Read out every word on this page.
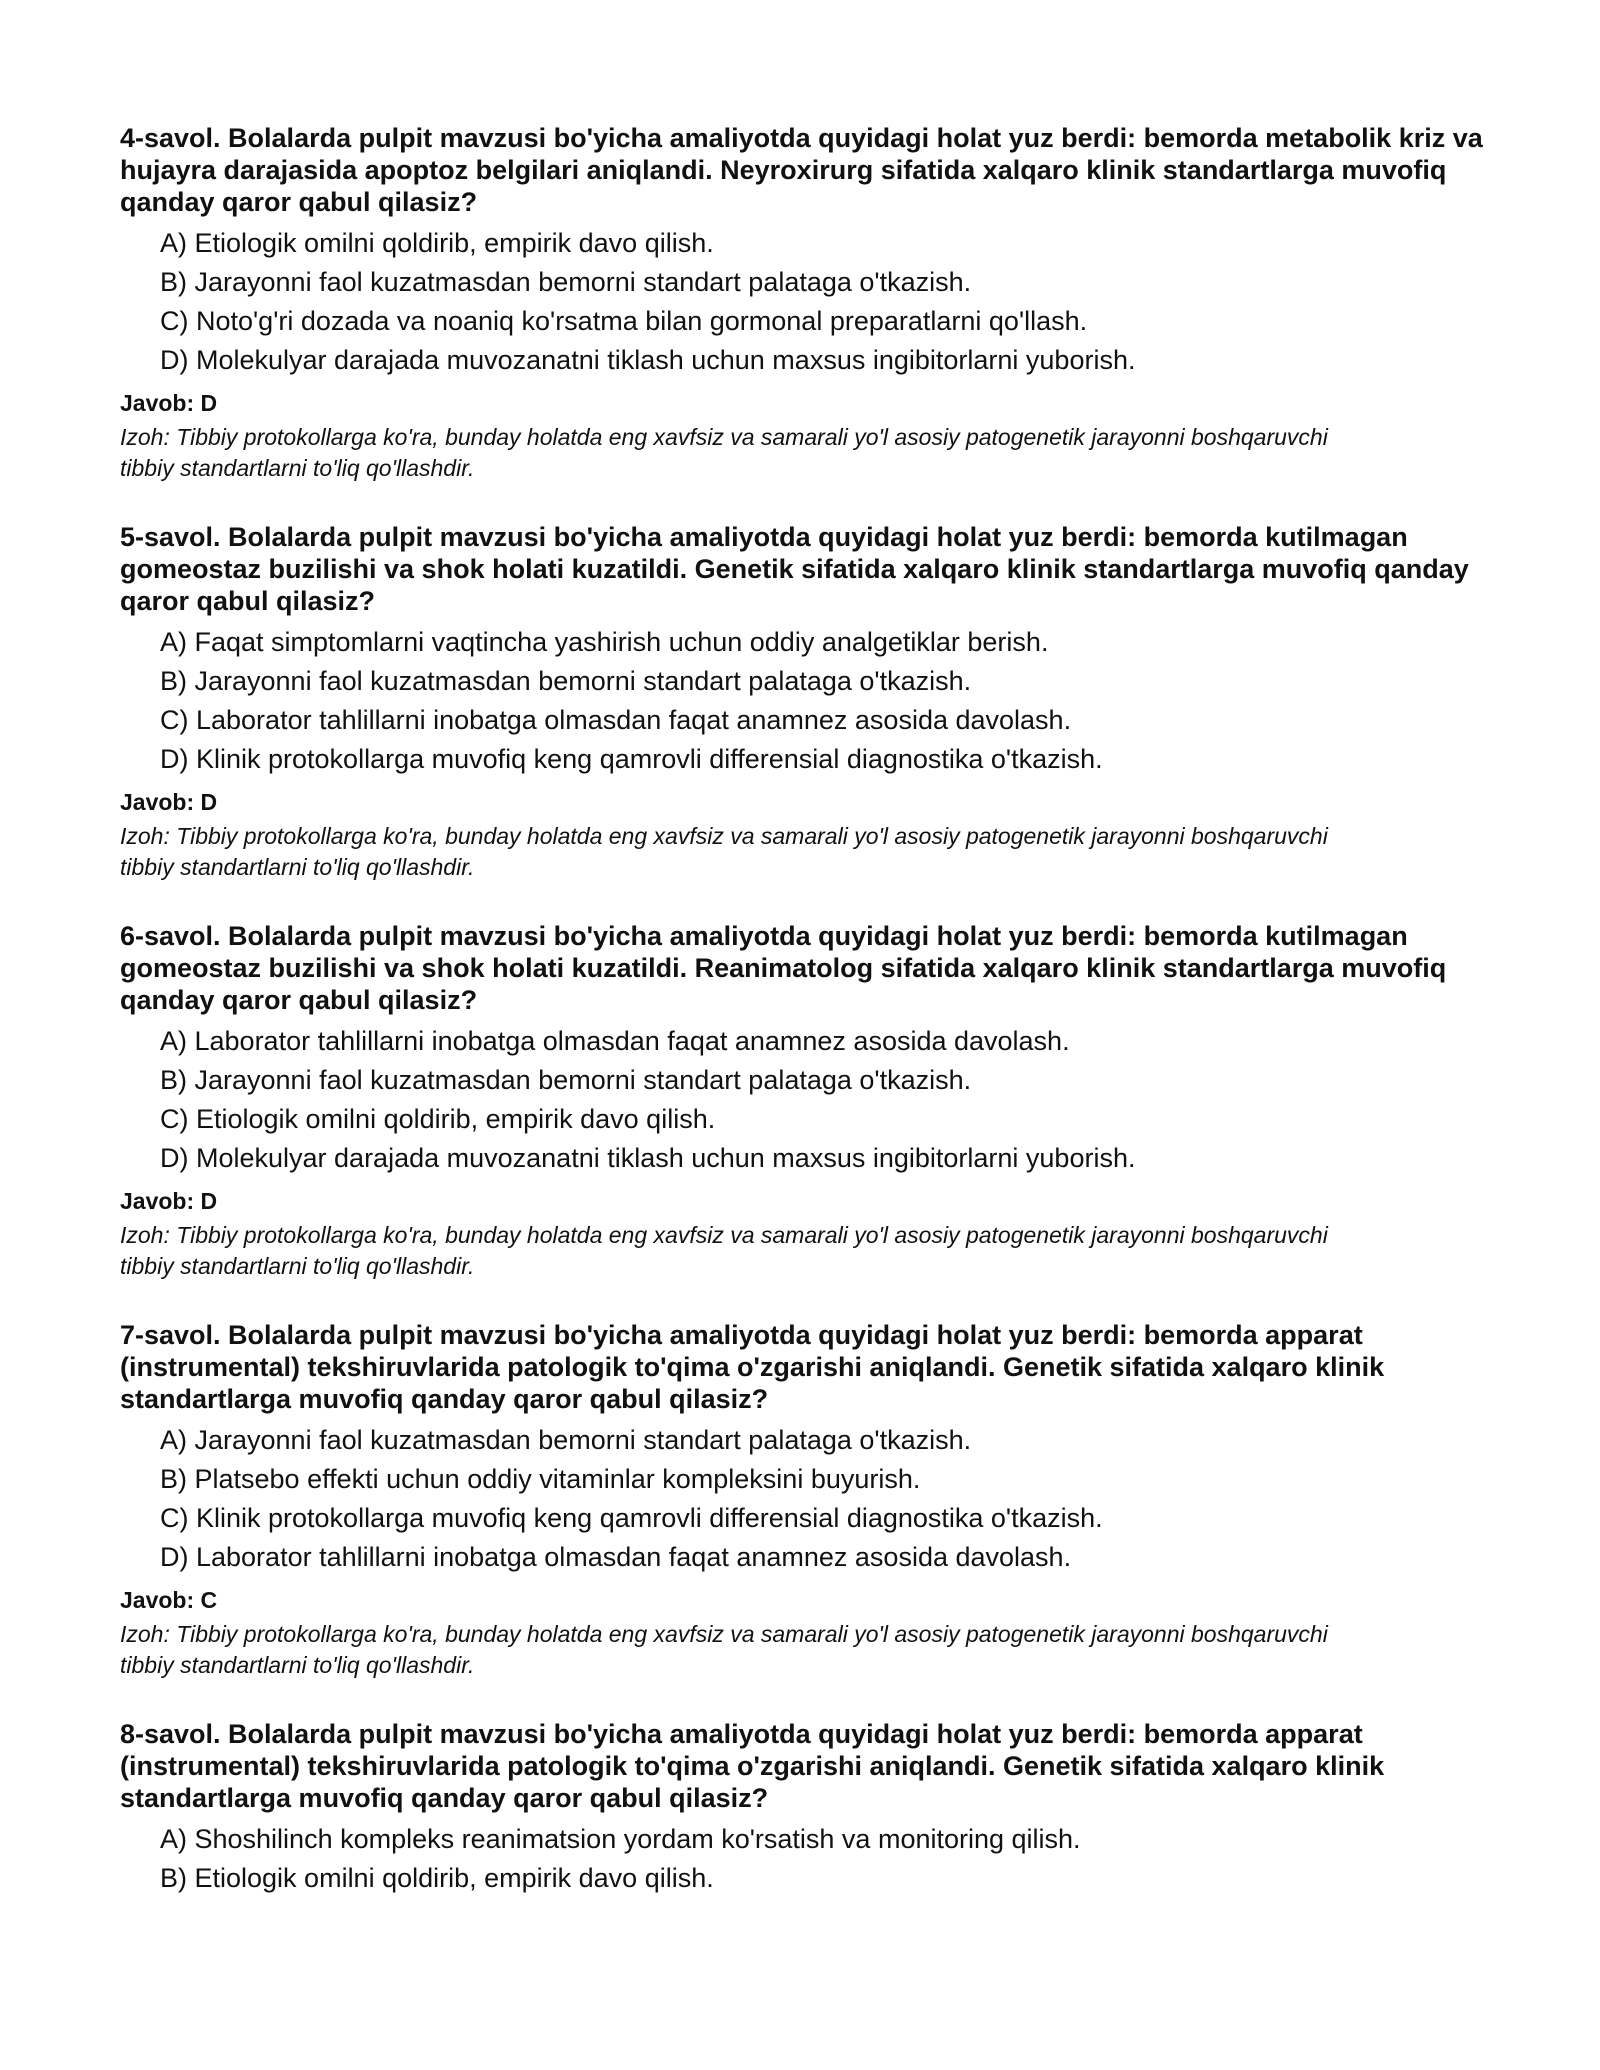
4-savol. Bolalarda pulpit mavzusi bo'yicha amaliyotda quyidagi holat yuz berdi: bemorda metabolik kriz va hujayra darajasida apoptoz belgilari aniqlandi. Neyroxirurg sifatida xalqaro klinik standartlarga muvofiq qanday qaror qabul qilasiz?
A) Etiologik omilni qoldirib, empirik davo qilish.
B) Jarayonni faol kuzatmasdan bemorni standart palataga o'tkazish.
C) Noto'g'ri dozada va noaniq ko'rsatma bilan gormonal preparatlarni qo'llash.
D) Molekulyar darajada muvozanatni tiklash uchun maxsus ingibitorlarni yuborish.
Javob: D

Izoh: Tibbiy protokollarga ko'ra, bunday holatda eng xavfsiz va samarali yo'l asosiy patogenetik jarayonni boshqaruvchi tibbiy standartlarni to'liq qo'llashdir.

5-savol. Bolalarda pulpit mavzusi bo'yicha amaliyotda quyidagi holat yuz berdi: bemorda kutilmagan gomeostaz buzilishi va shok holati kuzatildi. Genetik sifatida xalqaro klinik standartlarga muvofiq qanday qaror qabul qilasiz?
A) Faqat simptomlarni vaqtincha yashirish uchun oddiy analgetiklar berish.
B) Jarayonni faol kuzatmasdan bemorni standart palataga o'tkazish.
C) Laborator tahlillarni inobatga olmasdan faqat anamnez asosida davolash.
D) Klinik protokollarga muvofiq keng qamrovli differensial diagnostika o'tkazish.
Javob: D

Izoh: Tibbiy protokollarga ko'ra, bunday holatda eng xavfsiz va samarali yo'l asosiy patogenetik jarayonni boshqaruvchi tibbiy standartlarni to'liq qo'llashdir.

6-savol. Bolalarda pulpit mavzusi bo'yicha amaliyotda quyidagi holat yuz berdi: bemorda kutilmagan gomeostaz buzilishi va shok holati kuzatildi. Reanimatolog sifatida xalqaro klinik standartlarga muvofiq qanday qaror qabul qilasiz?
A) Laborator tahlillarni inobatga olmasdan faqat anamnez asosida davolash.
B) Jarayonni faol kuzatmasdan bemorni standart palataga o'tkazish.
C) Etiologik omilni qoldirib, empirik davo qilish.
D) Molekulyar darajada muvozanatni tiklash uchun maxsus ingibitorlarni yuborish.
Javob: D

Izoh: Tibbiy protokollarga ko'ra, bunday holatda eng xavfsiz va samarali yo'l asosiy patogenetik jarayonni boshqaruvchi tibbiy standartlarni to'liq qo'llashdir.

7-savol. Bolalarda pulpit mavzusi bo'yicha amaliyotda quyidagi holat yuz berdi: bemorda apparat (instrumental) tekshiruvlarida patologik to'qima o'zgarishi aniqlandi. Genetik sifatida xalqaro klinik standartlarga muvofiq qanday qaror qabul qilasiz?
A) Jarayonni faol kuzatmasdan bemorni standart palataga o'tkazish.
B) Platsebo effekti uchun oddiy vitaminlar kompleksini buyurish.
C) Klinik protokollarga muvofiq keng qamrovli differensial diagnostika o'tkazish.
D) Laborator tahlillarni inobatga olmasdan faqat anamnez asosida davolash.
Javob: C

Izoh: Tibbiy protokollarga ko'ra, bunday holatda eng xavfsiz va samarali yo'l asosiy patogenetik jarayonni boshqaruvchi tibbiy standartlarni to'liq qo'llashdir.

8-savol. Bolalarda pulpit mavzusi bo'yicha amaliyotda quyidagi holat yuz berdi: bemorda apparat (instrumental) tekshiruvlarida patologik to'qima o'zgarishi aniqlandi. Genetik sifatida xalqaro klinik standartlarga muvofiq qanday qaror qabul qilasiz?
A) Shoshilinch kompleks reanimatsion yordam ko'rsatish va monitoring qilish.
B) Etiologik omilni qoldirib, empirik davo qilish.
